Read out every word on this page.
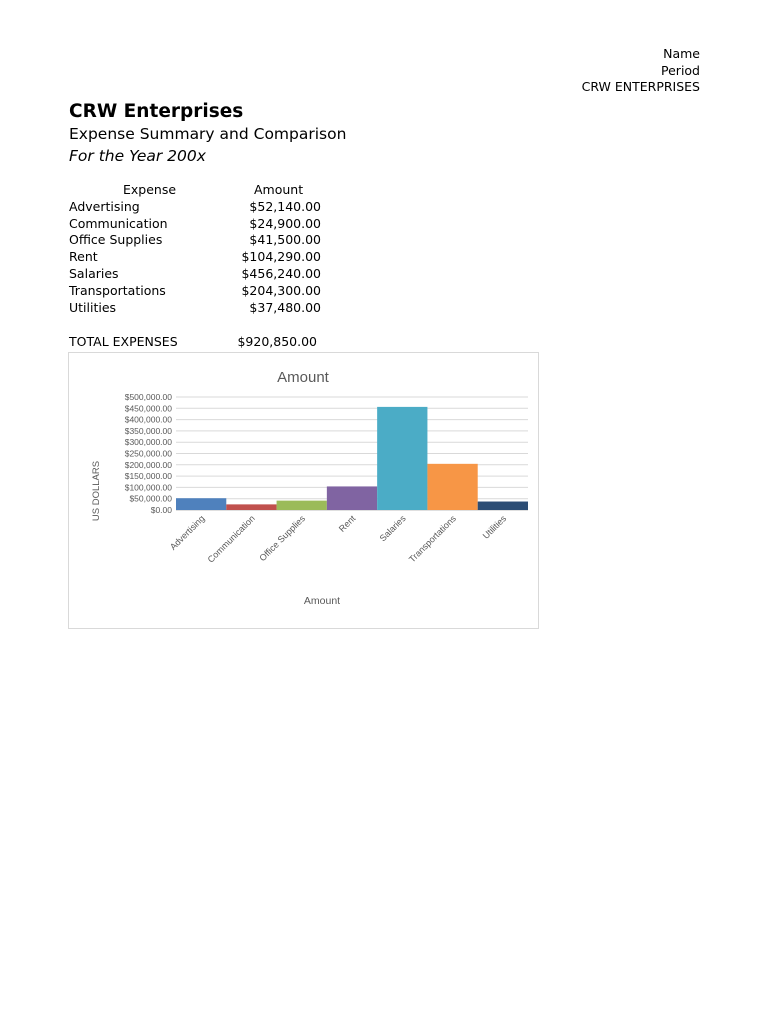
Name
Period
CRW ENTERPRISES
CRW Enterprises
Expense Summary and Comparison
For the Year 200x
Expense	Amount
Advertising	$52,140.00
Communication	$24,900.00
Office Supplies	$41,500.00
Rent	$104,290.00
Salaries	$456,240.00
Transportations	$204,300.00
Utilities	$37,480.00
TOTAL EXPENSES	$920,850.00
Amount
US DOLLARS
Amount
$0.00
$50,000.00
$100,000.00
$150,000.00
$200,000.00
$250,000.00
$300,000.00
$350,000.00
$400,000.00
$450,000.00
$500,000.00
Advertising
Communication Office Supplies	Rent Salaries Transportations	Utilities
